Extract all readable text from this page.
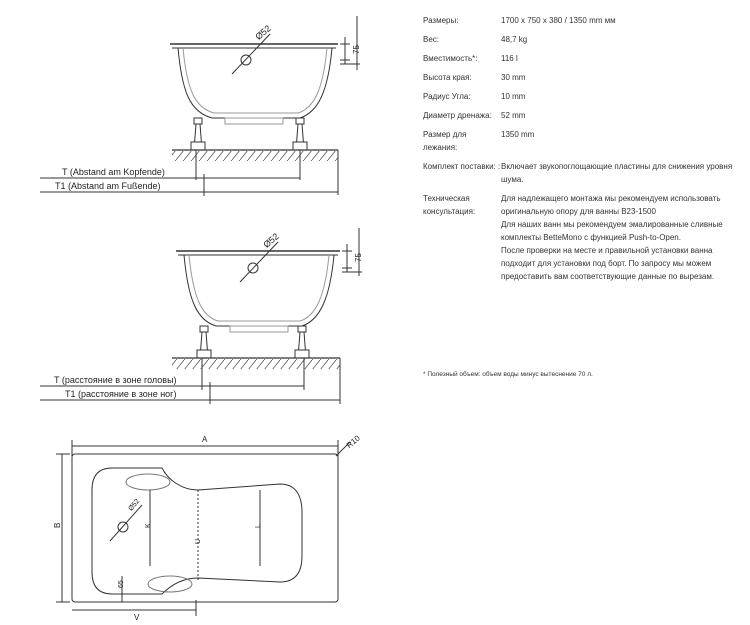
Ø52
75
T (Abstand am Kopfende)
T1 (Abstand am Fußende)
Ø52
75
T (расстояние в зоне головы)
T1 (расстояние в зоне ног)
A
B
R10
Ø52
K	L
U
65
V
Размеры:	1700 x 750 x 380 / 1350 mm мм

Вес:	48,7 kg

Вместимость*:	116 l

Высота края:	30 mm

Радиус Угла:	10 mm

Диаметр дренажа:	52 mm

Размер для лежания:

1350 mm

Комплект поставки: : Включает звукопоглощающие пластины для снижения уровня шума.

Техническая консультация:

Для надлежащего монтажа мы рекомендуем использовать оригинальную опору для ванны B23-1500

Для наших ванн мы рекомендуем эмалированные сливные комплекты BetteMono с функцией Push-to-Open.

После проверки на месте и правильной установки ванна подходит для установки под борт. По запросу мы можем предоставить вам соответствующие данные по вырезам.

* Полезный объем: объем воды минус вытеснение 70 л.
